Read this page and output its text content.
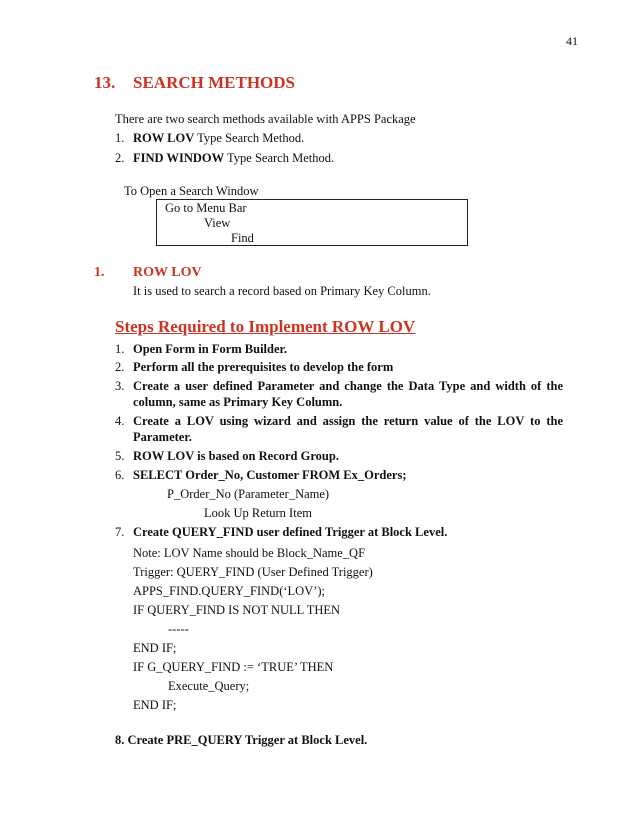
41
13. SEARCH METHODS
There are two search methods available with APPS Package
1. ROW LOV Type Search Method.
2. FIND WINDOW Type Search Method.
To Open a Search Window
Go to Menu Bar
View
Find
1. ROW LOV
It is used to search a record based on Primary Key Column.
Steps Required to Implement ROW LOV
1. Open Form in Form Builder.
2. Perform all the prerequisites to develop the form
3. Create a user defined Parameter and change the Data Type and width of the column, same as Primary Key Column.
4. Create a LOV using wizard and assign the return value of the LOV to the Parameter.
5. ROW LOV is based on Record Group.
6. SELECT Order_No, Customer FROM Ex_Orders;
P_Order_No (Parameter_Name)
Look Up Return Item
7. Create QUERY_FIND user defined Trigger at Block Level.
Note: LOV Name should be Block_Name_QF
Trigger: QUERY_FIND (User Defined Trigger)
APPS_FIND.QUERY_FIND(‘LOV’);
IF QUERY_FIND IS NOT NULL THEN
-----
END IF;
IF G_QUERY_FIND := ‘TRUE’ THEN
Execute_Query;
END IF;
8. Create PRE_QUERY Trigger at Block Level.
